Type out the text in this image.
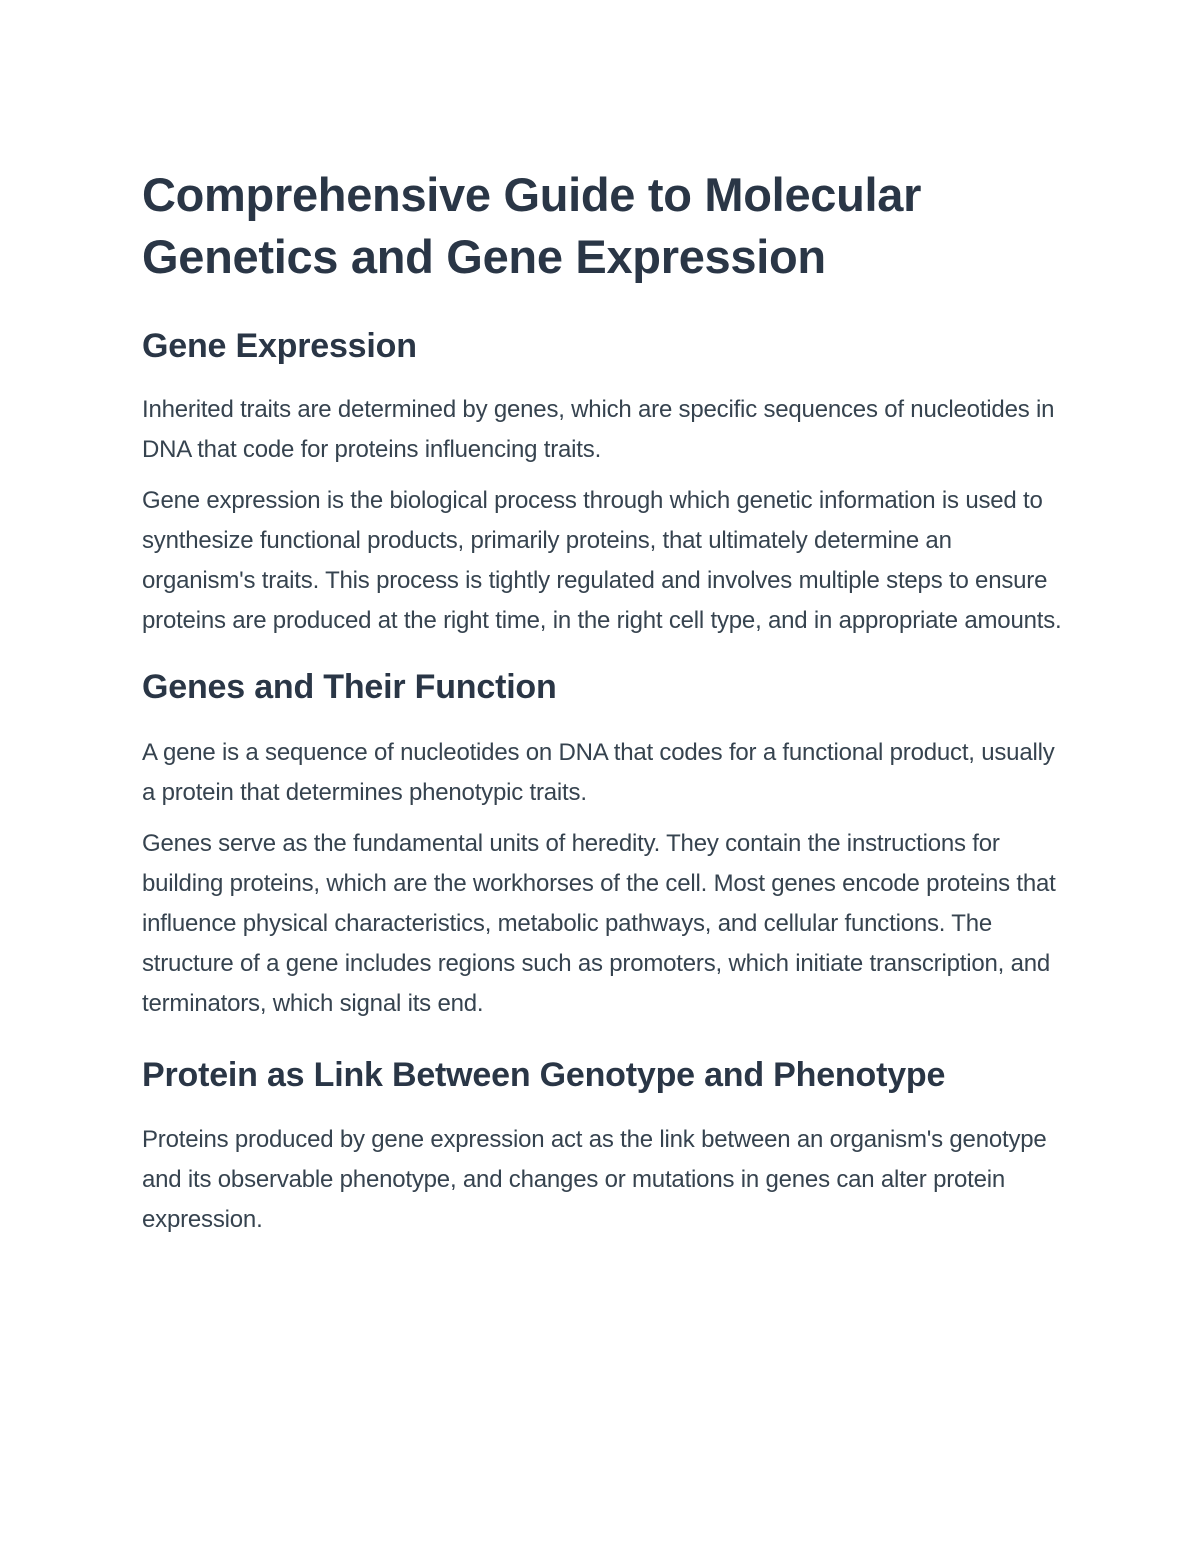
Comprehensive Guide to Molecular Genetics and Gene Expression
Gene Expression

Inherited traits are determined by genes, which are specific sequences of nucleotides in DNA that code for proteins influencing traits.

Gene expression is the biological process through which genetic information is used to synthesize functional products, primarily proteins, that ultimately determine an organism's traits. This process is tightly regulated and involves multiple steps to ensure proteins are produced at the right time, in the right cell type, and in appropriate amounts.

Genes and Their Function

A gene is a sequence of nucleotides on DNA that codes for a functional product, usually a protein that determines phenotypic traits.

Genes serve as the fundamental units of heredity. They contain the instructions for building proteins, which are the workhorses of the cell. Most genes encode proteins that influence physical characteristics, metabolic pathways, and cellular functions. The structure of a gene includes regions such as promoters, which initiate transcription, and terminators, which signal its end.

Protein as Link Between Genotype and Phenotype

Proteins produced by gene expression act as the link between an organism's genotype and its observable phenotype, and changes or mutations in genes can alter protein expression.
